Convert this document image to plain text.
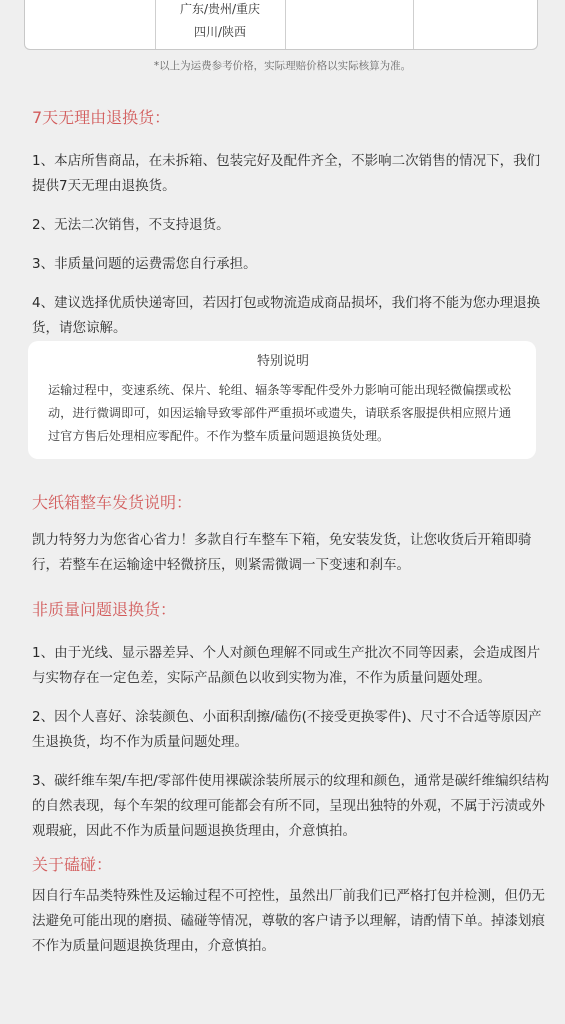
广东/贵州/重庆
四川/陕西
*以上为运费参考价格，实际理赔价格以实际核算为准。
7天无理由退换货：

1、本店所售商品，在未拆箱、包装完好及配件齐全，不影响二次销售的情况下，我们提供7天无理由退换货。

2、无法二次销售，不支持退货。

3、非质量问题的运费需您自行承担。

4、建议选择优质快递寄回，若因打包或物流造成商品损坏，我们将不能为您办理退换货，请您谅解。

特别说明

运输过程中，变速系统、保片、轮组、辐条等零配件受外力影响可能出现轻微偏摆或松动，进行微调即可，如因运输导致零部件严重损坏或遗失，请联系客服提供相应照片通过官方售后处理相应零配件。不作为整车质量问题退换货处理。

大纸箱整车发货说明：

凯力特努力为您省心省力！多款自行车整车下箱，免安装发货，让您收货后开箱即骑行，若整车在运输途中轻微挤压，则紧需微调一下变速和刹车。

非质量问题退换货：

1、由于光线、显示器差异、个人对颜色理解不同或生产批次不同等因素，会造成图片与实物存在一定色差，实际产品颜色以收到实物为准，不作为质量问题处理。

2、因个人喜好、涂装颜色、小面积刮擦/磕伤(不接受更换零件)、尺寸不合适等原因产生退换货，均不作为质量问题处理。

3、碳纤维车架/车把/零部件使用裸碳涂装所展示的纹理和颜色，通常是碳纤维编织结构的自然表现，每个车架的纹理可能都会有所不同，呈现出独特的外观，不属于污渍或外观瑕疵，因此不作为质量问题退换货理由，介意慎拍。

关于磕碰：

因自行车品类特殊性及运输过程不可控性，虽然出厂前我们已严格打包并检测，但仍无法避免可能出现的磨损、磕碰等情况，尊敬的客户请予以理解，请酌情下单。掉漆划痕不作为质量问题退换货理由，介意慎拍。
